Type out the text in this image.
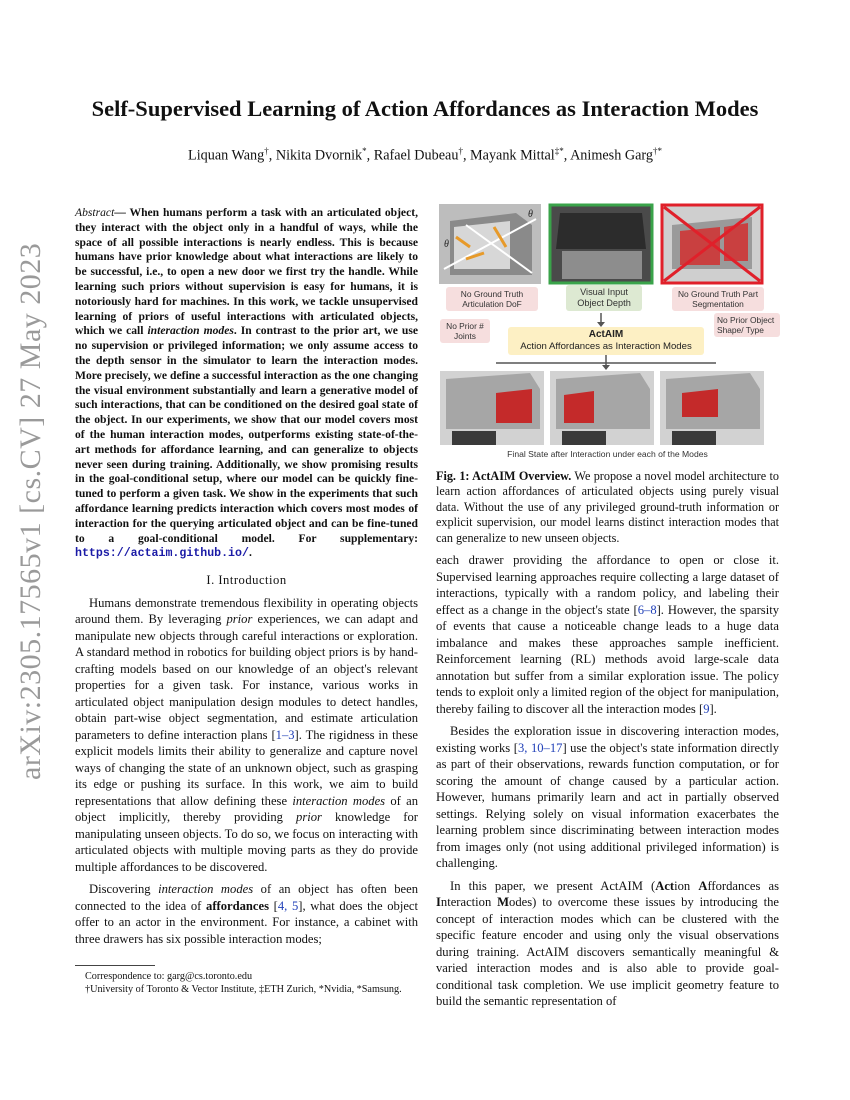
arXiv:2305.17565v1 [cs.CV] 27 May 2023
Self-Supervised Learning of Action Affordances as Interaction Modes
Liquan Wang†, Nikita Dvornik*, Rafael Dubeau†, Mayank Mittal‡*, Animesh Garg†*
Abstract— When humans perform a task with an articulated object, they interact with the object only in a handful of ways, while the space of all possible interactions is nearly endless. This is because humans have prior knowledge about what interactions are likely to be successful, i.e., to open a new door we first try the handle. While learning such priors without supervision is easy for humans, it is notoriously hard for machines. In this work, we tackle unsupervised learning of priors of useful interactions with articulated objects, which we call interaction modes. In contrast to the prior art, we use no supervision or privileged information; we only assume access to the depth sensor in the simulator to learn the interaction modes. More precisely, we define a successful interaction as the one changing the visual environment substantially and learn a generative model of such interactions, that can be conditioned on the desired goal state of the object. In our experiments, we show that our model covers most of the human interaction modes, outperforms existing state-of-the-art methods for affordance learning, and can generalize to objects never seen during training. Additionally, we show promising results in the goal-conditional setup, where our model can be quickly fine-tuned to perform a given task. We show in the experiments that such affordance learning predicts interaction which covers most modes of interaction for the querying articulated object and can be fine-tuned to a goal-conditional model. For supplementary: https://actaim.github.io/.
I. Introduction

Humans demonstrate tremendous flexibility in operating objects around them. By leveraging prior experiences, we can adapt and manipulate new objects through careful interactions or exploration. A standard method in robotics for building object priors is by hand-crafting models based on our knowledge of an object's relevant properties for a given task. For instance, various works in articulated object manipulation design modules to detect handles, obtain part-wise object segmentation, and estimate articulation parameters to define interaction plans [1–3]. The rigidness in these explicit models limits their ability to generalize and capture novel ways of changing the state of an unknown object, such as grasping its edge or pushing its surface. In this work, we aim to build representations that allow defining these interaction modes of an object implicitly, thereby providing prior knowledge for manipulating unseen objects. To do so, we focus on interacting with articulated objects with multiple moving parts as they do provide multiple affordances to be discovered.

Discovering interaction modes of an object has often been connected to the idea of affordances [4, 5], what does the object offer to an actor in the environment. For instance, a cabinet with three drawers has six possible interaction modes;

Correspondence to: garg@cs.toronto.edu

†University of Toronto & Vector Institute, ‡ETH Zurich, *Nvidia, *Samsung.

θ
θ
No Ground Truth Articulation DoF
Visual Input Object Depth
No Ground Truth Part Segmentation
No Prior # Joints
No Prior Object Shape/ Type
ActAIM
Action Affordances as Interaction Modes
Final State after Interaction under each of the Modes
Fig. 1: ActAIM Overview. We propose a novel model architecture to learn action affordances of articulated objects using purely visual data. Without the use of any privileged ground-truth information or explicit supervision, our model learns distinct interaction modes that can generalize to new unseen objects.

each drawer providing the affordance to open or close it. Supervised learning approaches require collecting a large dataset of interactions, typically with a random policy, and labeling their effect as a change in the object's state [6–8]. However, the sparsity of events that cause a noticeable change leads to a huge data imbalance and makes these approaches sample inefficient. Reinforcement learning (RL) methods avoid large-scale data annotation but suffer from a similar exploration issue. The policy tends to exploit only a limited region of the object for manipulation, thereby failing to discover all the interaction modes [9].

Besides the exploration issue in discovering interaction modes, existing works [3, 10–17] use the object's state information directly as part of their observations, rewards function computation, or for scoring the amount of change caused by a particular action. However, humans primarily learn and act in partially observed settings. Relying solely on visual information exacerbates the learning problem since discriminating between interaction modes from images only (not using additional privileged information) is challenging.

In this paper, we present ActAIM (Action Affordances as Interaction Modes) to overcome these issues by introducing the concept of interaction modes which can be clustered with the specific feature encoder and using only the visual observations during training. ActAIM discovers semantically meaningful & varied interaction modes and is also able to provide goal-conditional task completion. We use implicit geometry feature to build the semantic representation of
